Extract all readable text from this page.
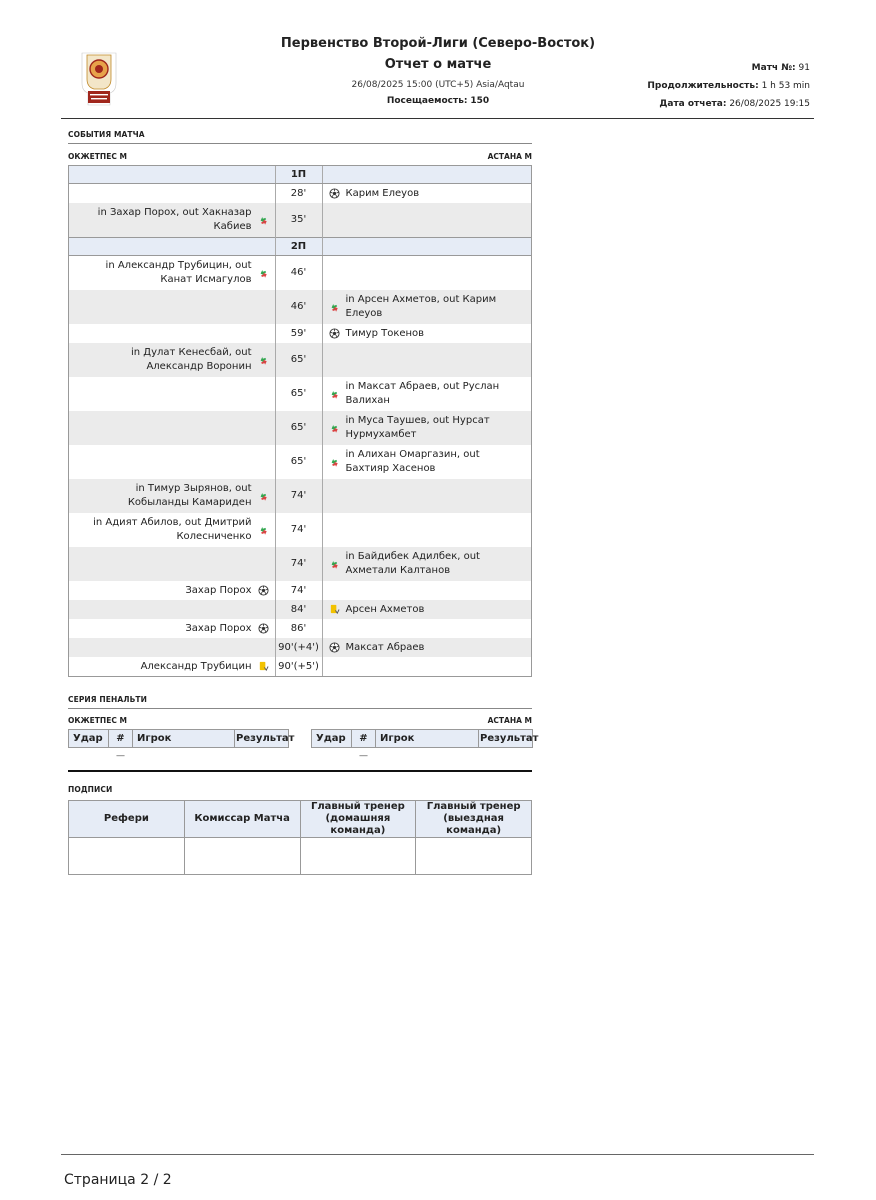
Первенство Второй-Лиги (Северо-Восток)
Отчет о матче
26/08/2025 15:00 (UTC+5) Asia/Aqtau
Посещаемость: 150
Матч №: 91
Продолжительность: 1 h 53 min
Дата отчета: 26/08/2025 19:15
СОБЫТИЯ МАТЧА
ОКЖЕТПЕС М	АСТАНА М
	1П	
	28'	Карим Елеуов

in Захар Порох, out Хакназар Кабиев	35'	
	2П	

in Александр Трубицин, out Канат Исмагулов	46'	
	46'	in Арсен Ахметов, out Карим Елеуов

	59'	Тимур Токенов

in Дулат Кенесбай, out Александр Воронин	65'	
	65'	in Максат Абраев, out Руслан Валихан

	65'	in Муса Таушев, out Нурсат Нурмухамбет

	65'	in Алихан Омаргазин, out Бахтияр Хасенов

in Тимур Зырянов, out Кобыланды Камариден	74'	

in Адият Абилов, out Дмитрий Колесниченко	74'	
	74'	in Байдибек Адилбек, out Ахметали Калтанов

Захар Порох	74'	
	84'	Арсен Ахметов

Захар Порох	86'	
	90'(+4')	Максат Абраев

Александр Трубицин	90'(+5')	
СЕРИЯ ПЕНАЛЬТИ
ОКЖЕТПЕС М	АСТАНА М
Удар	#	Игрок	Результат
	—		
Удар	#	Игрок	Результат
	—		
ПОДПИСИ
Рефери	Комиссар Матча	Главный тренер (домашняя команда)	Главный тренер (выездная команда)

Страница 2 / 2
